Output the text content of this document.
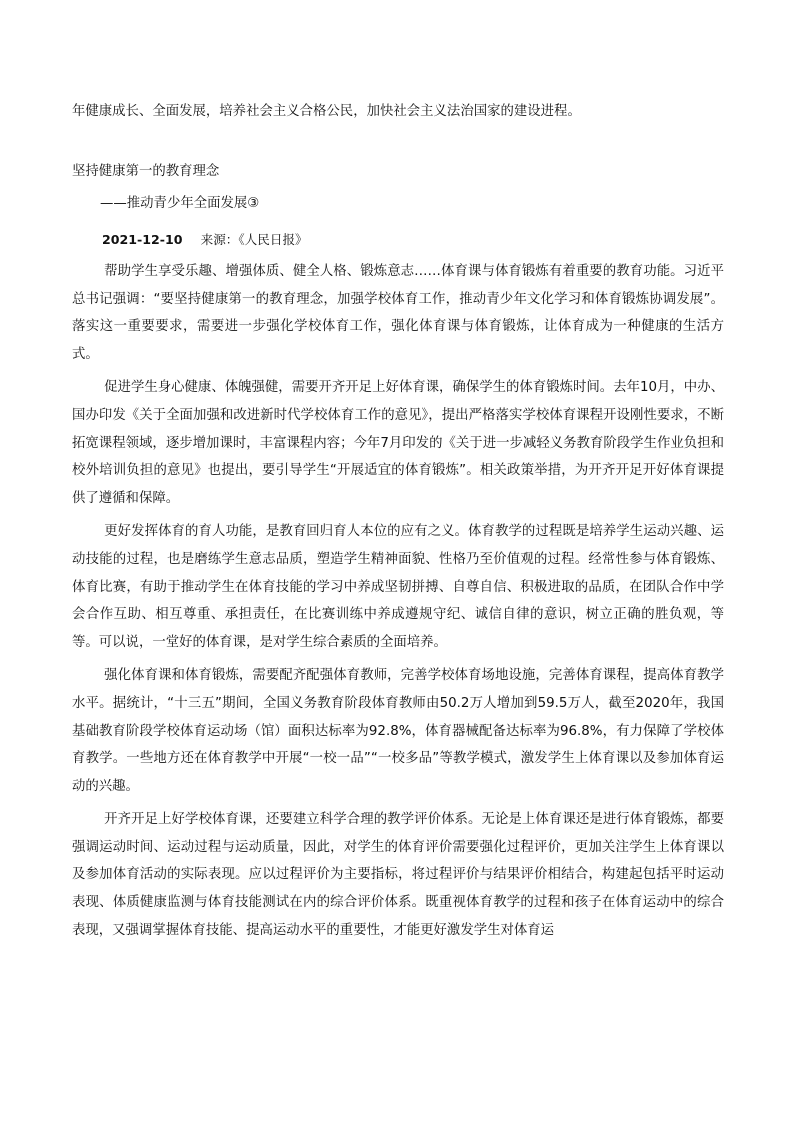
年健康成长、全面发展，培养社会主义合格公民，加快社会主义法治国家的建设进程。
坚持健康第一的教育理念
——推动青少年全面发展③
2021-12-10 来源：《人民日报》

帮助学生享受乐趣、增强体质、健全人格、锻炼意志……体育课与体育锻炼有着重要的教育功能。习近平总书记强调：“要坚持健康第一的教育理念，加强学校体育工作，推动青少年文化学习和体育锻炼协调发展”。落实这一重要要求，需要进一步强化学校体育工作，强化体育课与体育锻炼，让体育成为一种健康的生活方式。

促进学生身心健康、体魄强健，需要开齐开足上好体育课，确保学生的体育锻炼时间。去年10月，中办、国办印发《关于全面加强和改进新时代学校体育工作的意见》，提出严格落实学校体育课程开设刚性要求，不断拓宽课程领域，逐步增加课时，丰富课程内容；今年7月印发的《关于进一步减轻义务教育阶段学生作业负担和校外培训负担的意见》也提出，要引导学生“开展适宜的体育锻炼”。相关政策举措，为开齐开足开好体育课提供了遵循和保障。

更好发挥体育的育人功能，是教育回归育人本位的应有之义。体育教学的过程既是培养学生运动兴趣、运动技能的过程，也是磨练学生意志品质，塑造学生精神面貌、性格乃至价值观的过程。经常性参与体育锻炼、体育比赛，有助于推动学生在体育技能的学习中养成坚韧拼搏、自尊自信、积极进取的品质，在团队合作中学会合作互助、相互尊重、承担责任，在比赛训练中养成遵规守纪、诚信自律的意识，树立正确的胜负观，等等。可以说，一堂好的体育课，是对学生综合素质的全面培养。

强化体育课和体育锻炼，需要配齐配强体育教师，完善学校体育场地设施，完善体育课程，提高体育教学水平。据统计，“十三五”期间，全国义务教育阶段体育教师由50.2万人增加到59.5万人，截至2020年，我国基础教育阶段学校体育运动场（馆）面积达标率为92.8%，体育器械配备达标率为96.8%，有力保障了学校体育教学。一些地方还在体育教学中开展“一校一品”“一校多品”等教学模式，激发学生上体育课以及参加体育运动的兴趣。

开齐开足上好学校体育课，还要建立科学合理的教学评价体系。无论是上体育课还是进行体育锻炼，都要强调运动时间、运动过程与运动质量，因此，对学生的体育评价需要强化过程评价，更加关注学生上体育课以及参加体育活动的实际表现。应以过程评价为主要指标，将过程评价与结果评价相结合，构建起包括平时运动表现、体质健康监测与体育技能测试在内的综合评价体系。既重视体育教学的过程和孩子在体育运动中的综合表现，又强调掌握体育技能、提高运动水平的重要性，才能更好激发学生对体育运
